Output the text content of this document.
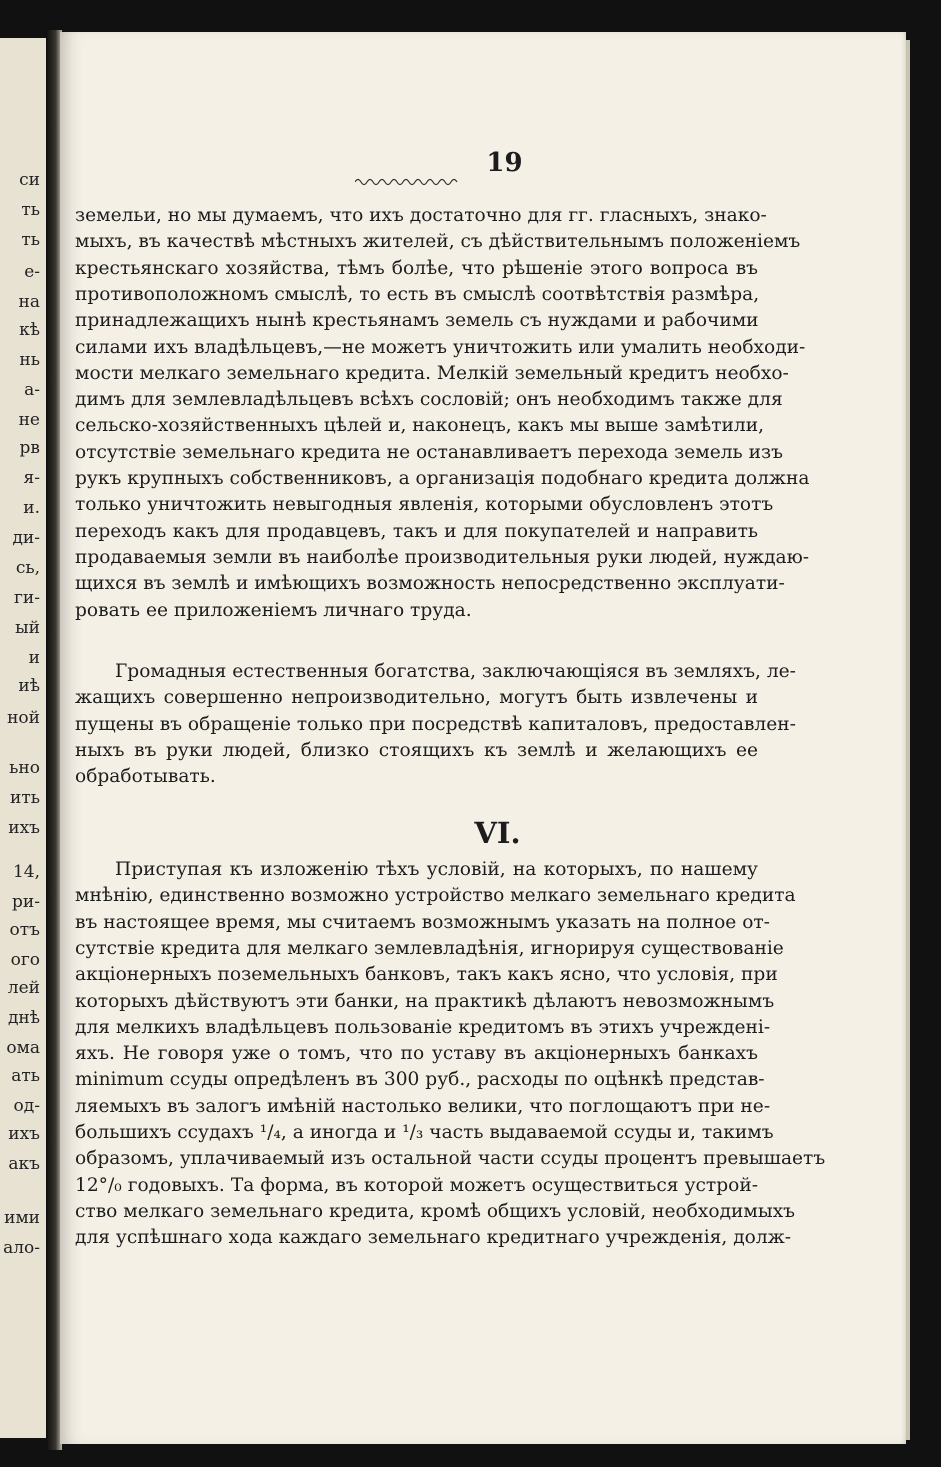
си
ть
ть
е-
на
кѣ
нь
а-
не
рв
я-
и.
ди-
сь,
ги-
ый
и
иѣ
ной
ьно
ить
ихъ
14,
ри-
отъ
ого
лей
днѣ
ома
ать
од-
ихъ
акъ
ими
ало-
19
VI.
земельи, но мы думаемъ, что ихъ достаточно для гг. гласныхъ, знако-
мыхъ, въ качествѣ мѣстныхъ жителей, съ дѣйствительнымъ положеніемъ
крестьянскаго хозяйства, тѣмъ болѣе, что рѣшеніе этого вопроса въ
противоположномъ смыслѣ, то есть въ смыслѣ соотвѣтствія размѣра,
принадлежащихъ нынѣ крестьянамъ земель съ нуждами и рабочими
силами ихъ владѣльцевъ,—не можетъ уничтожить или умалить необходи-
мости мелкаго земельнаго кредита. Мелкій земельный кредитъ необхо-
димъ для землевладѣльцевъ всѣхъ сословій; онъ необходимъ также для
сельско-хозяйственныхъ цѣлей и, наконецъ, какъ мы выше замѣтили,
отсутствіе земельнаго кредита не останавливаетъ перехода земель изъ
рукъ крупныхъ собственниковъ, а организація подобнаго кредита должна
только уничтожить невыгодныя явленія, которыми обусловленъ этотъ
переходъ какъ для продавцевъ, такъ и для покупателей и направить
продаваемыя земли въ наиболѣе производительныя руки людей, нуждаю-
щихся въ землѣ и имѣющихъ возможность непосредственно эксплуати-
ровать ее приложеніемъ личнаго труда.
Громадныя естественныя богатства, заключающіяся въ земляхъ, ле-
жащихъ совершенно непроизводительно, могутъ быть извлечены и
пущены въ обращеніе только при посредствѣ капиталовъ, предоставлен-
ныхъ въ руки людей, близко стоящихъ къ землѣ и желающихъ ее
обработывать.
Приступая къ изложенію тѣхъ условій, на которыхъ, по нашему
мнѣнію, единственно возможно устройство мелкаго земельнаго кредита
въ настоящее время, мы считаемъ возможнымъ указать на полное от-
сутствіе кредита для мелкаго землевладѣнія, игнорируя существованіе
акціонерныхъ поземельныхъ банковъ, такъ какъ ясно, что условія, при
которыхъ дѣйствуютъ эти банки, на практикѣ дѣлаютъ невозможнымъ
для мелкихъ владѣльцевъ пользованіе кредитомъ въ этихъ учрежденi-
яхъ. Не говоря уже о томъ, что по уставу въ акціонерныхъ банкахъ
minimum ссуды опредѣленъ въ 300 руб., расходы по оцѣнкѣ представ-
ляемыхъ въ залогъ имѣній настолько велики, что поглощаютъ при не-
большихъ ссудахъ ¹/₄, а иногда и ¹/₃ часть выдаваемой ссуды и, такимъ
образомъ, уплачиваемый изъ остальной части ссуды процентъ превышаетъ
12°/₀ годовыхъ. Та форма, въ которой можетъ осуществиться устрой-
ство мелкаго земельнаго кредита, кромѣ общихъ условій, необходимыхъ
для успѣшнаго хода каждаго земельнаго кредитнаго учрежденія, долж-
